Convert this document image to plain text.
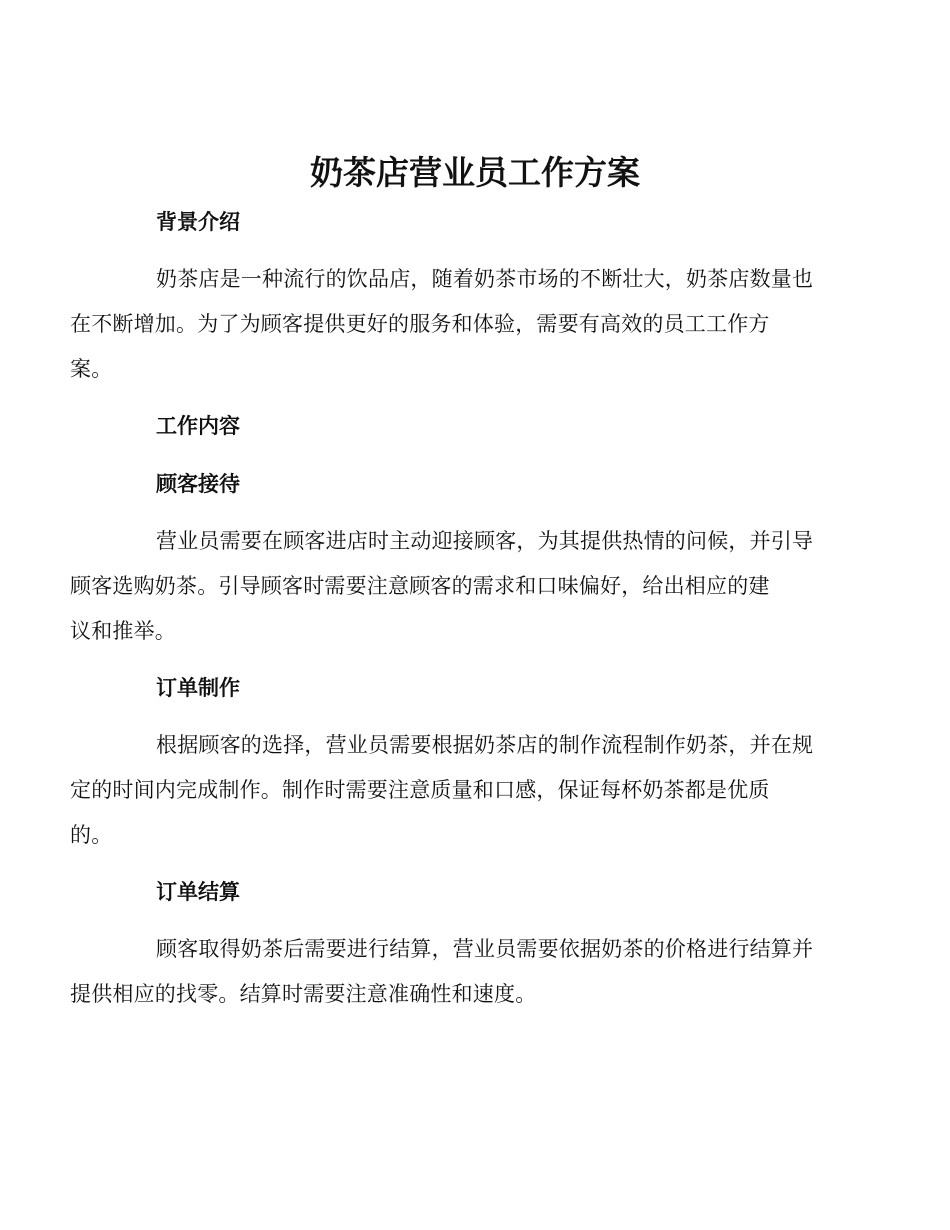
奶茶店营业员工作方案
背景介绍

奶茶店是一种流行的饮品店，随着奶茶市场的不断壮大，奶茶店数量也
在不断增加。为了为顾客提供更好的服务和体验，需要有高效的员工工作方
案。

工作内容
顾客接待

营业员需要在顾客进店时主动迎接顾客，为其提供热情的问候，并引导
顾客选购奶茶。引导顾客时需要注意顾客的需求和口味偏好，给出相应的建
议和推举。

订单制作

根据顾客的选择，营业员需要根据奶茶店的制作流程制作奶茶，并在规
定的时间内完成制作。制作时需要注意质量和口感，保证每杯奶茶都是优质
的。

订单结算

顾客取得奶茶后需要进行结算，营业员需要依据奶茶的价格进行结算并
提供相应的找零。结算时需要注意准确性和速度。
